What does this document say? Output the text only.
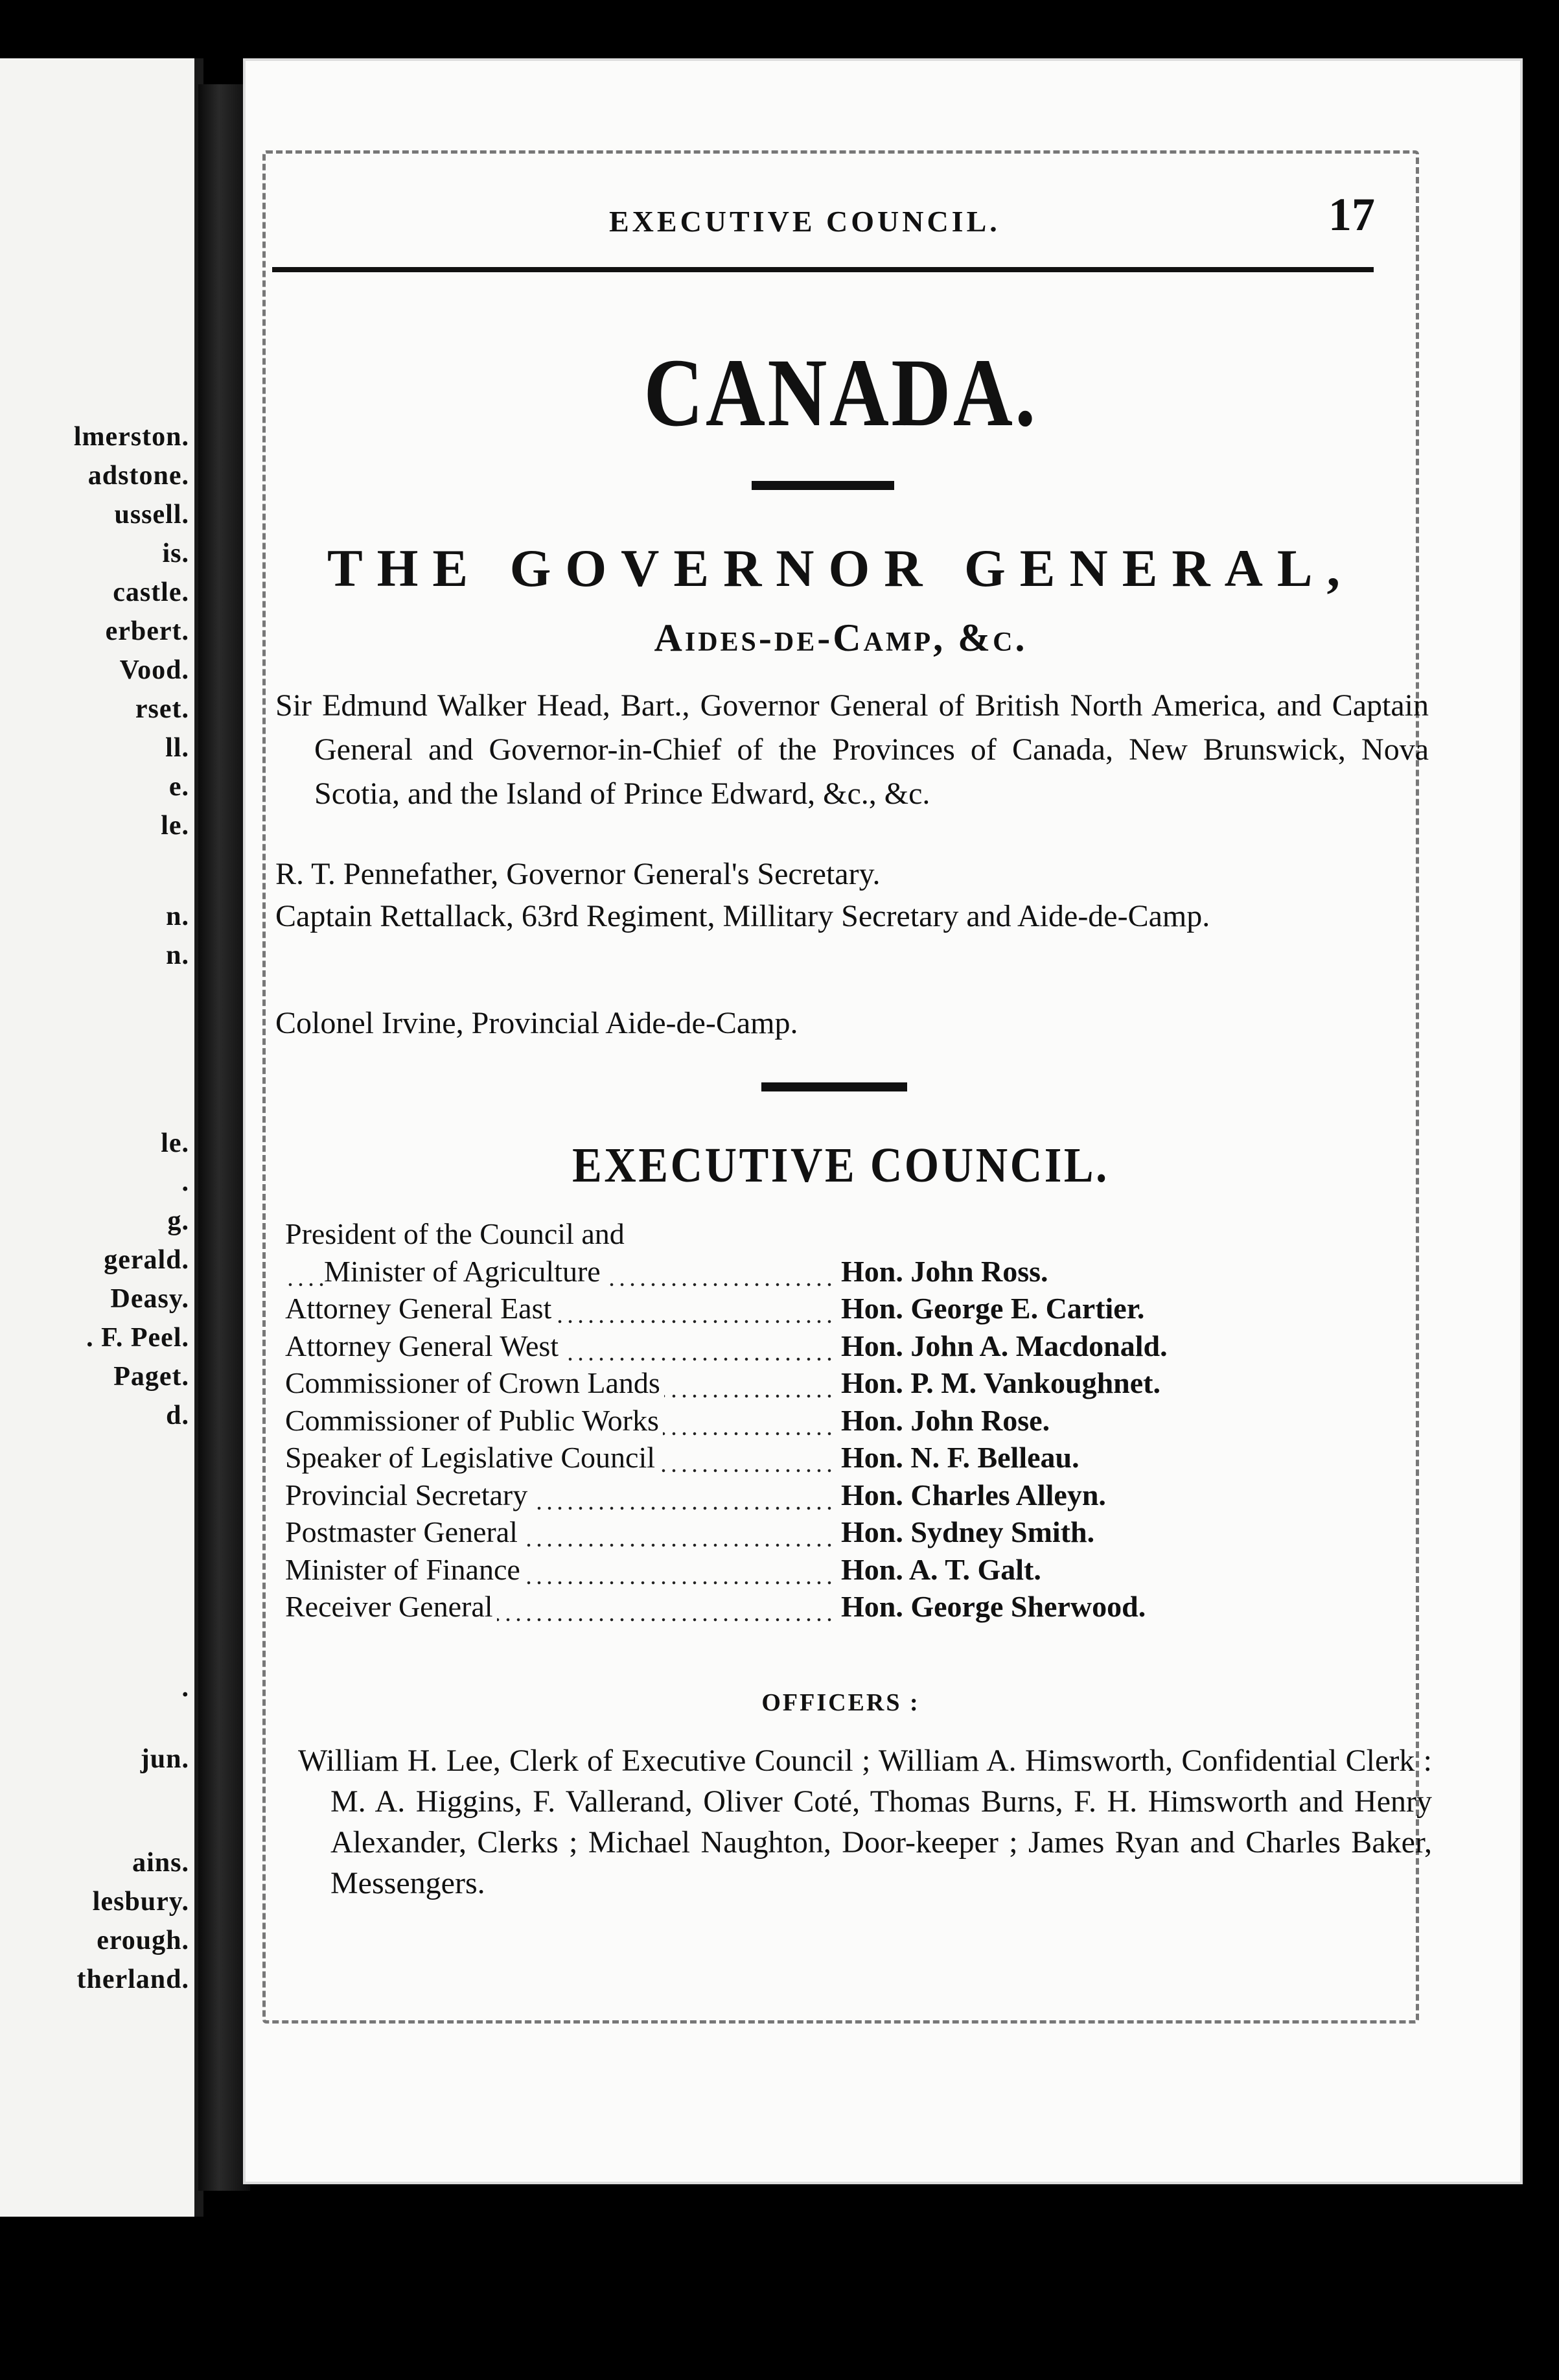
lmerston.
adstone.
ussell.
is.
castle.
erbert.
Vood.
rset.
ll.
e.
le.
n.
n.
le.
.
g.
gerald.
Deasy.
. F. Peel.
Paget.
d.
.
jun.
ains.
lesbury.
erough.
therland.
EXECUTIVE COUNCIL.	17
CANADA.
THE GOVERNOR GENERAL,
Aides-de-Camp, &c.
Sir Edmund Walker Head, Bart., Governor General of British North America, and Captain General and Governor-in-Chief of the Provinces of Canada, New Brunswick, Nova Scotia, and the Island of Prince Edward, &c., &c.
R. T. Pennefather, Governor General's Secretary.
Captain Rettallack, 63rd Regiment, Millitary Secretary and Aide-de-Camp.
Colonel Irvine, Provincial Aide-de-Camp.
EXECUTIVE COUNCIL.
President of the Council and
Minister of Agriculture	Hon. John Ross.
Attorney General East	Hon. George E. Cartier.
Attorney General West	Hon. John A. Macdonald.
Commissioner of Crown Lands	Hon. P. M. Vankoughnet.
Commissioner of Public Works	Hon. John Rose.
Speaker of Legislative Council	Hon. N. F. Belleau.
Provincial Secretary	Hon. Charles Alleyn.
Postmaster General	Hon. Sydney Smith.
Minister of Finance	Hon. A. T. Galt.
Receiver General	Hon. George Sherwood.
OFFICERS :
William H. Lee, Clerk of Executive Council ; William A. Himsworth, Confidential Clerk : M. A. Higgins, F. Vallerand, Oliver Coté, Thomas Burns, F. H. Himsworth and Henry Alexander, Clerks ; Michael Naughton, Door-keeper ; James Ryan and Charles Baker, Messengers.
